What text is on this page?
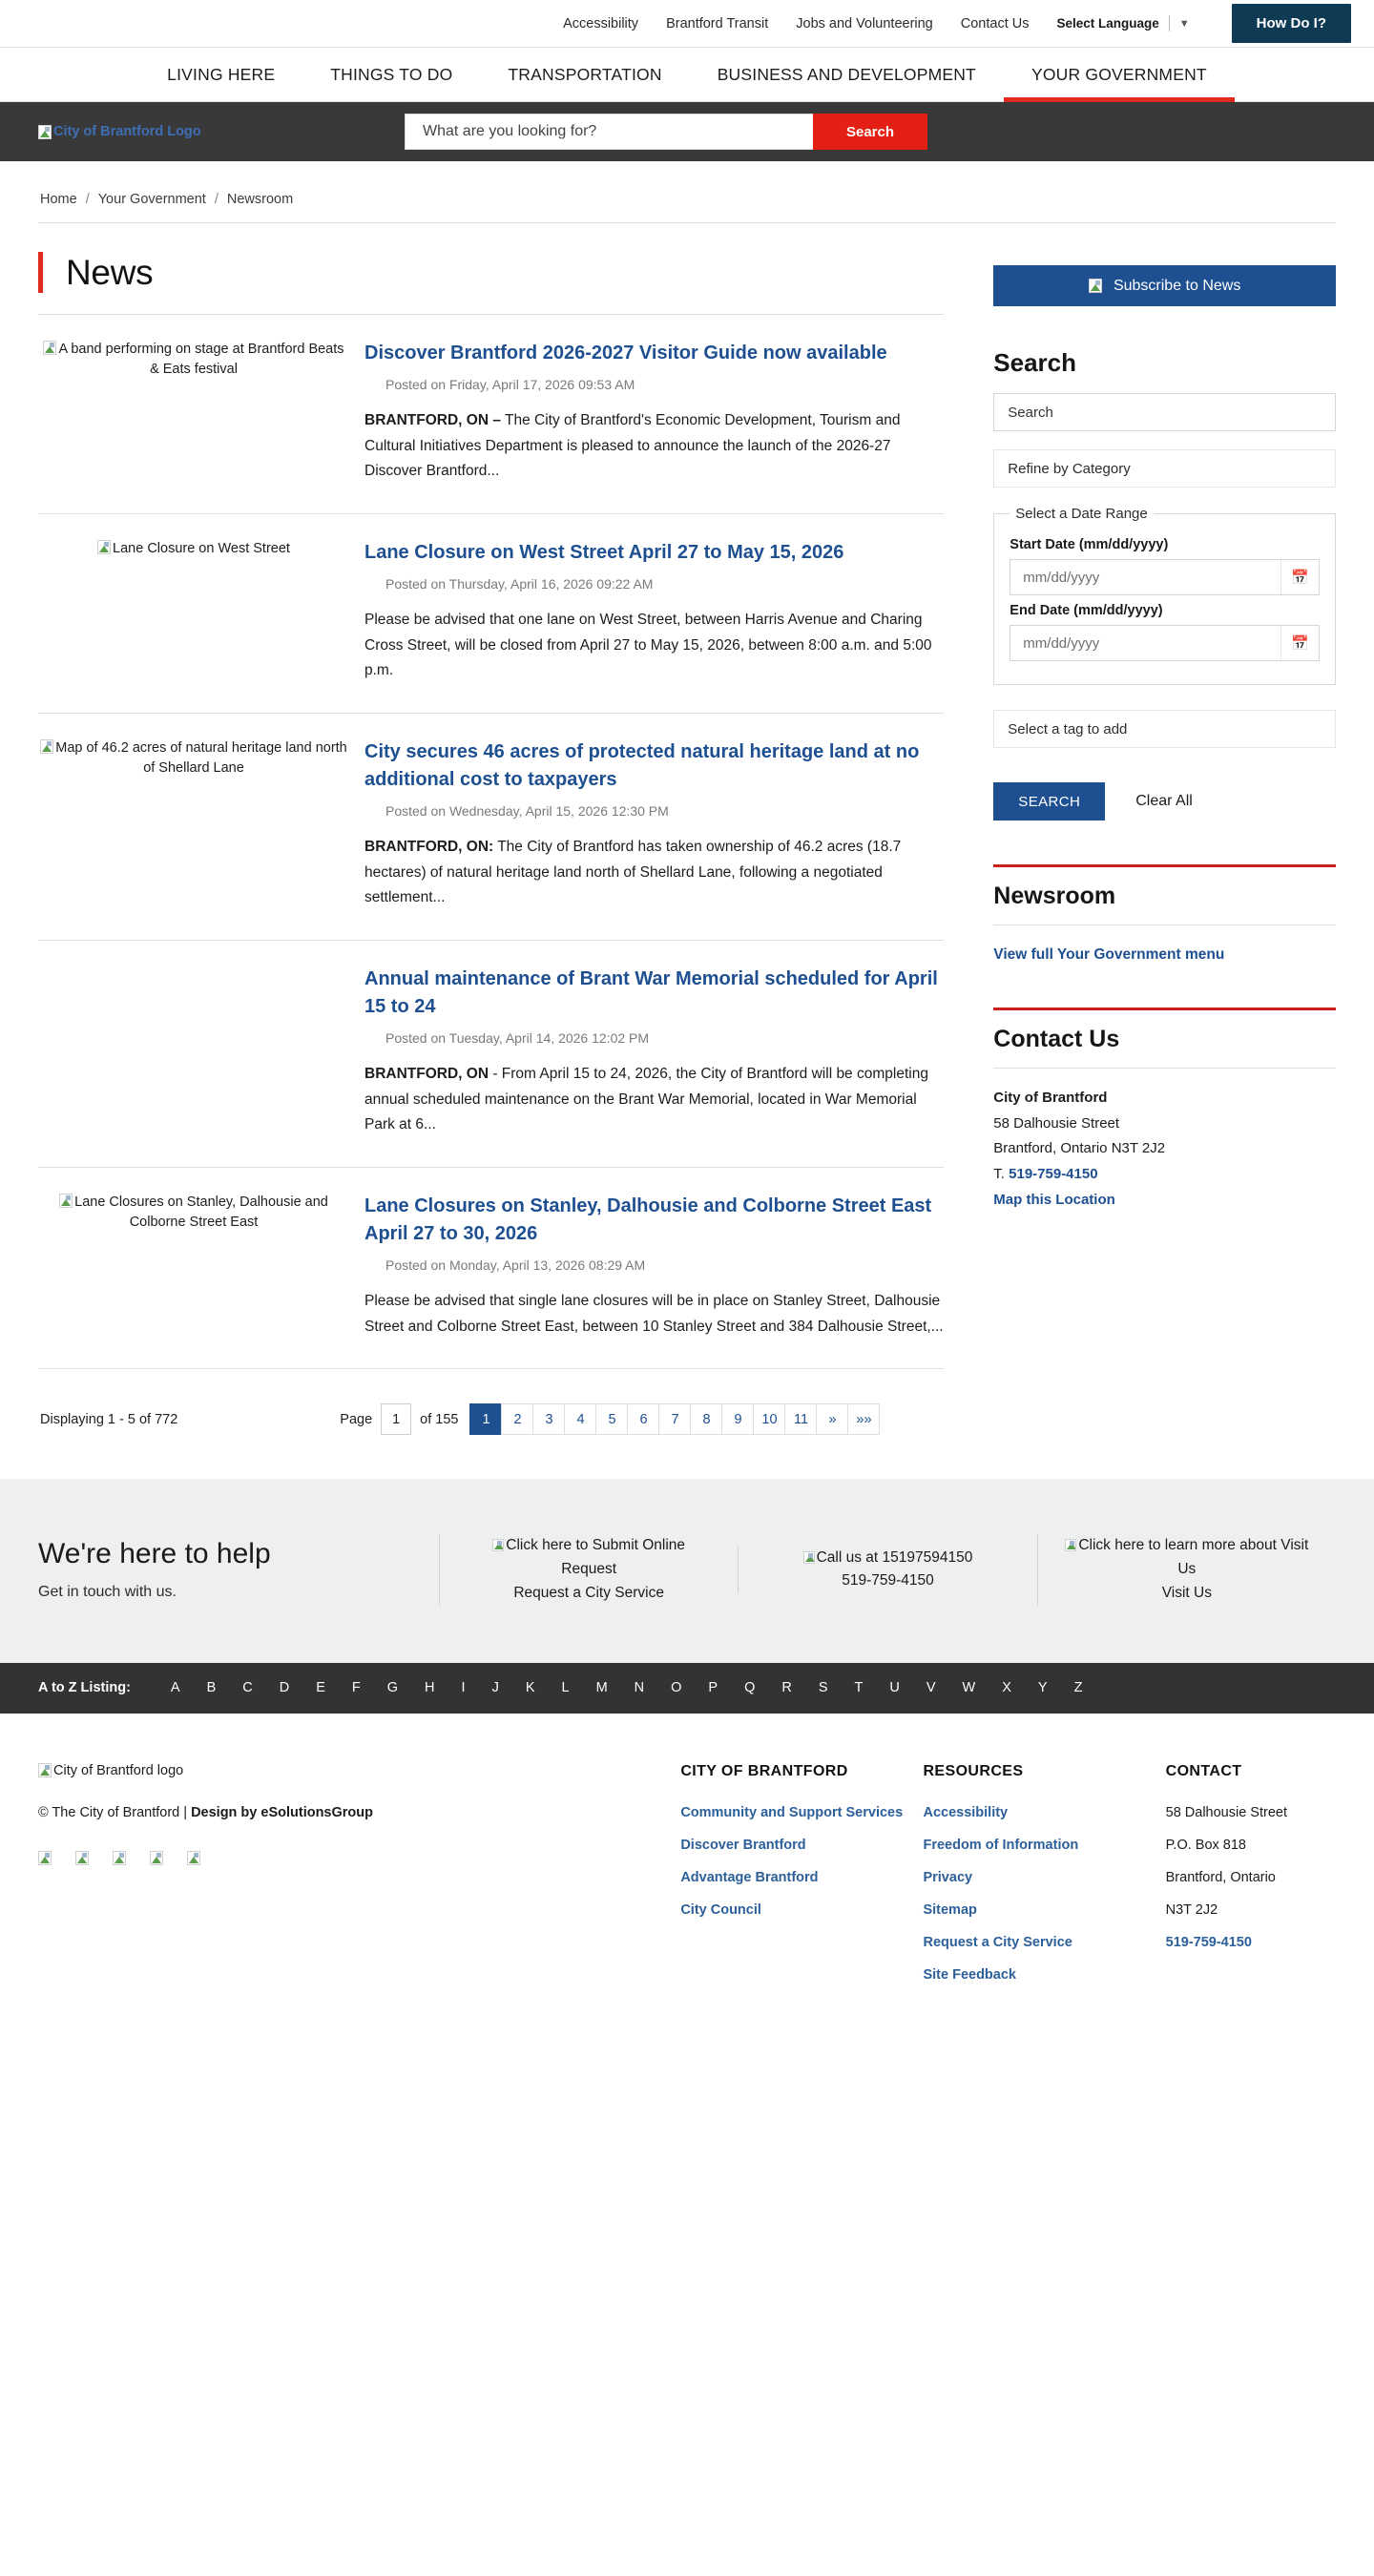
Accessibility Brantford Transit Jobs and Volunteering Contact Us Select Language ▼	How Do I?
LIVING HERE	THINGS TO DO	TRANSPORTATION	BUSINESS AND DEVELOPMENT	YOUR GOVERNMENT
City of Brantford Logo
What are you looking for?	Search
Home / Your Government / Newsroom
News
A band performing on stage at Brantford Beats & Eats festival
Discover Brantford 2026-2027 Visitor Guide now available
Posted on Friday, April 17, 2026 09:53 AM

BRANTFORD, ON – The City of Brantford's Economic Development, Tourism and Cultural Initiatives Department is pleased to announce the launch of the 2026-27 Discover Brantford...

Lane Closure on West Street	Lane Closure on West Street April 27 to May 15, 2026
Posted on Thursday, April 16, 2026 09:22 AM

Please be advised that one lane on West Street, between Harris Avenue and Charing Cross Street, will be closed from April 27 to May 15, 2026, between 8:00 a.m. and 5:00 p.m.

Map of 46.2 acres of natural heritage land north of Shellard Lane
City secures 46 acres of protected natural heritage land at no additional cost to taxpayers
Posted on Wednesday, April 15, 2026 12:30 PM

BRANTFORD, ON: The City of Brantford has taken ownership of 46.2 acres (18.7 hectares) of natural heritage land north of Shellard Lane, following a negotiated settlement...

Annual maintenance of Brant War Memorial scheduled for April 15 to 24
Posted on Tuesday, April 14, 2026 12:02 PM

BRANTFORD, ON - From April 15 to 24, 2026, the City of Brantford will be completing annual scheduled maintenance on the Brant War Memorial, located in War Memorial Park at 6...

Lane Closures on Stanley, Dalhousie and Colborne Street East
Lane Closures on Stanley, Dalhousie and Colborne Street East April 27 to 30, 2026
Posted on Monday, April 13, 2026 08:29 AM

Please be advised that single lane closures will be in place on Stanley Street, Dalhousie Street and Colborne Street East, between 10 Stanley Street and 384 Dalhousie Street,...

Displaying 1 - 5 of 772	Page
1	of 155	1	2	3	4	5	6	7	8	9	10	11	»	»»
Subscribe to News
Search
Search
Refine by Category
Select a Date Range
Start Date (mm/dd/yyyy)
mm/dd/yyyy
📅
End Date (mm/dd/yyyy)
mm/dd/yyyy
📅
Select a tag to add
SEARCH	Clear All
Newsroom
View full Your Government menu
Contact Us
City of Brantford
58 Dalhousie Street
Brantford, Ontario N3T 2J2
T. 519-759-4150
Map this Location
We're here to help

Get in touch with us.

Click here to Submit Online Request
Request a City Service
Call us at 15197594150
519-759-4150
Click here to learn more about Visit Us
Visit Us
A to Z Listing:	A	B	C	D	E	F	G	H	I	J	K	L	M	N	O	P	Q	R	S	T	U	V	W	X	Y	Z
City of Brantford logo
© The City of Brantford | Design by eSolutionsGroup
CITY OF BRANTFORD
Community and Support Services
Discover Brantford
Advantage Brantford
City Council
RESOURCES
Accessibility
Freedom of Information
Privacy
Sitemap
Request a City Service
Site Feedback
CONTACT
58 Dalhousie Street
P.O. Box 818
Brantford, Ontario
N3T 2J2
519-759-4150
